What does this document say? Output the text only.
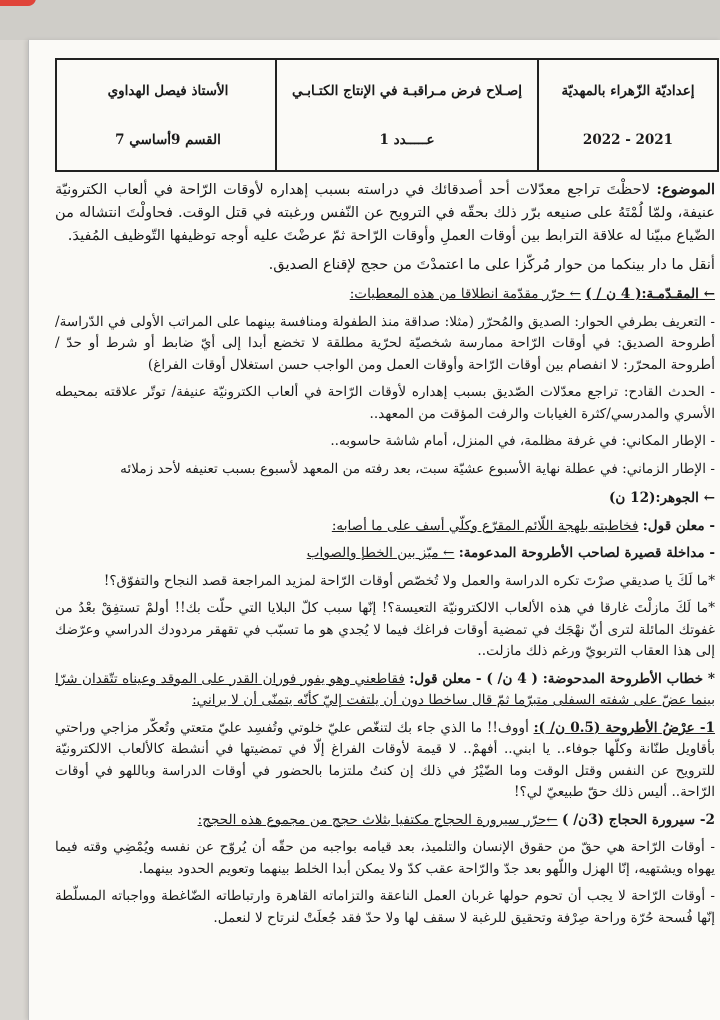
إعداديّة الزّهراء بالمهديّة
2022 - 2021
إصـلاح فرض مـراقبـة في الإنتاج الكتـابـي
عـــــدد 1
الأستاذ فيصل الهداوي
القسم 9أساسي 7

الموضوع: لاحظْتَ تراجع معدّلات أحد أصدقائك في دراسته بسبب إهداره لأوقات الرّاحة في ألعاب الكترونيّة عنيفة، ولمّا لُمْتَهُ على صنيعه برّر ذلك بحقّه في الترويح عن النّفس ورغبته في قتل الوقت. فحاولْتَ انتشاله من الضّياع مبيّنا له علاقة الترابط بين أوقات العملِ وأوقات الرّاحة ثمّ عرضْتَ عليه أوجه توظيفها التّوظيف المُفيدَ.

أنقل ما دار بينكما من حوار مُركّزا على ما اعتمدْتَ من حجج لإقناع الصديق.

← المقـدّمـة:( 4 ن / ) ← حرّر مقدّمة انطلاقا من هذه المعطيات:

- التعريف بطرفي الحوار: الصديق والمُحرّر (مثلا: صداقة منذ الطفولة ومنافسة بينهما على المراتب الأولى في الدّراسة/ أطروحة الصديق: في أوقات الرّاحة ممارسة شخصيّة لحرّية مطلقة لا تخضع أبدا إلى أيّ ضابط أو شرط أو حدّ / أطروحة المحرّر: لا انفصام بين أوقات الرّاحة وأوقات العمل ومن الواجب حسن استغلال أوقات الفراغ)

- الحدث القادح: تراجع معدّلات الصّديق بسبب إهداره لأوقات الرّاحة في ألعاب الكترونيّة عنيفة/ توتّر علاقته بمحيطه الأسري والمدرسي/كثرة الغيابات والرفت المؤقت من المعهد..

- الإطار المكاني: في غرفة مظلمة، في المنزل، أمام شاشة حاسوبه..

- الإطار الزماني: في عطلة نهاية الأسبوع عشيّة سبت، بعد رفته من المعهد لأسبوع بسبب تعنيفه لأحد زملائه

← الجوهر:(12 ن)

- معلن قول: فخاطبته بلهجة اللّائم المقرّع وكلّي أسف على ما أصابه:

- مداخلة قصيرة لصاحب الأطروحة المدعومة: ← ميّز بين الخطإ والصواب

*ما لَكَ يا صديقي صرْتَ تكره الدراسة والعمل ولا تُخصّص أوقات الرّاحة لمزيد المراجعة قصد النجاح والتفوّق؟!

*ما لَكَ مازلْتَ غارقا في هذه الألعاب الالكترونيّة التعيسة؟! إنّها سبب كلّ البلايا التي حلّت بك!! أولمْ تستفِقْ بعْدُ من غفوتك المائلة لترى أنّ نهْجَك في تمضية أوقات فراغك فيما لا يُجدي هو ما تسبّب في تقهقر مردودك الدراسي وعرّضك إلى هذا العقاب التربويّ ورغم ذلك مازلت..

* خطاب الأطروحة المدحوضة: ( 4 ن/ ) - معلن قول: فقاطعني وهو يفور فوران القدر على الموقد وعيناه تتّقدان شرّا بينما عضّ على شفته السفلى متبرّما ثمّ قال ساخطا دون أن يلتفت إليّ كأنّه يتمنّى أن لا يراني:

1- عرْضُ الأطروحة (0.5 ن/ ): أووف!! ما الذي جاء بك لتنغّص عليّ خلوتي وتُفسِد عليّ متعتي وتُعكّر مزاجي وراحتي بأقاويل طنّانة وكلّها جوفاء.. يا ابني.. أفهمْ.. لا قيمة لأوقات الفراغ إلّا في تمضيتها في أنشطة كالألعاب الالكترونيّة للترويح عن النفس وقتل الوقت وما الضّيْرُ في ذلك إن كنتُ ملتزما بالحضور في أوقات الدراسة وباللهو في أوقات الرّاحة.. أليس ذلك حقّ طبيعيّ لي؟!

2- سيرورة الحجاج (3ن/ ) ←حرّر سيرورة الحجاج مكتفيا بثلاث حجج من مجموع هذه الحجج:

- أوقات الرّاحة هي حقّ من حقوق الإنسان والتلميذ، بعد قيامه بواجبه من حقّه أن يُروّح عن نفسه ويُمْضِي وقته فيما يهواه ويشتهيه، إنّا الهزل واللّهو بعد جدّ والرّاحة عقب كدّ ولا يمكن أبدا الخلط بينهما وتعويم الحدود بينهما.

- أوقات الرّاحة لا يجب أن تحوم حولها غربان العمل الناعقة والتزاماته القاهرة وارتباطاته الضّاغطة وواجباته المسلّطة إنّها فُسحة حُرّة وراحة صِرْفة وتحقيق للرغبة لا سقف لها ولا حدّ فقد جُعلَتْ لنرتاح لا لنعمل.
